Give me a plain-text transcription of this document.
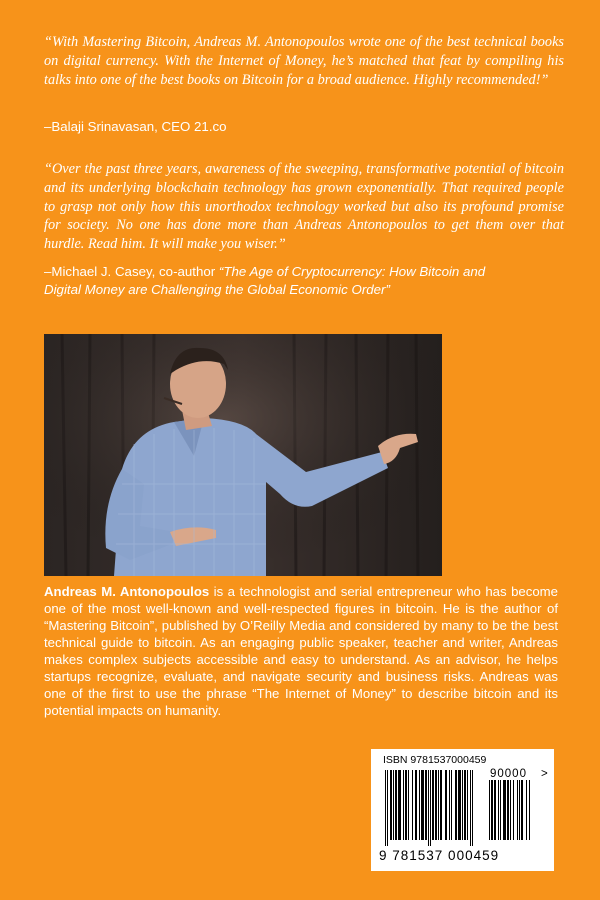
“With Mastering Bitcoin, Andreas M. Antonopoulos wrote one of the best technical books on digital currency. With the Internet of Money, he’s matched that feat by compiling his talks into one of the best books on Bitcoin for a broad audience. Highly recommended!”
–Balaji Srinavasan, CEO 21.co
“Over the past three years, awareness of the sweeping, transformative potential of bitcoin and its underlying blockchain technology has grown exponentially. That required people to grasp not only how this unorthodox technology worked but also its profound promise for society. No one has done more than Andreas Antonopoulos to get them over that hurdle. Read him. It will make you wiser.”
–Michael J. Casey, co-author “The Age of Cryptocurrency: How Bitcoin and Digital Money are Challenging the Global Economic Order”
Andreas M. Antonopoulos is a technologist and serial entrepreneur who has become one of the most well-known and well-respected figures in bitcoin. He is the author of “Mastering Bitcoin”, published by O’Reilly Media and considered by many to be the best technical guide to bitcoin. As an engaging public speaker, teacher and writer, Andreas makes complex subjects accessible and easy to understand. As an advisor, he helps startups recognize, evaluate, and navigate security and business risks. Andreas was one of the first to use the phrase “The Internet of Money” to describe bitcoin and its potential impacts on humanity.
ISBN 9781537000459
90000 >
9 781537 000459
